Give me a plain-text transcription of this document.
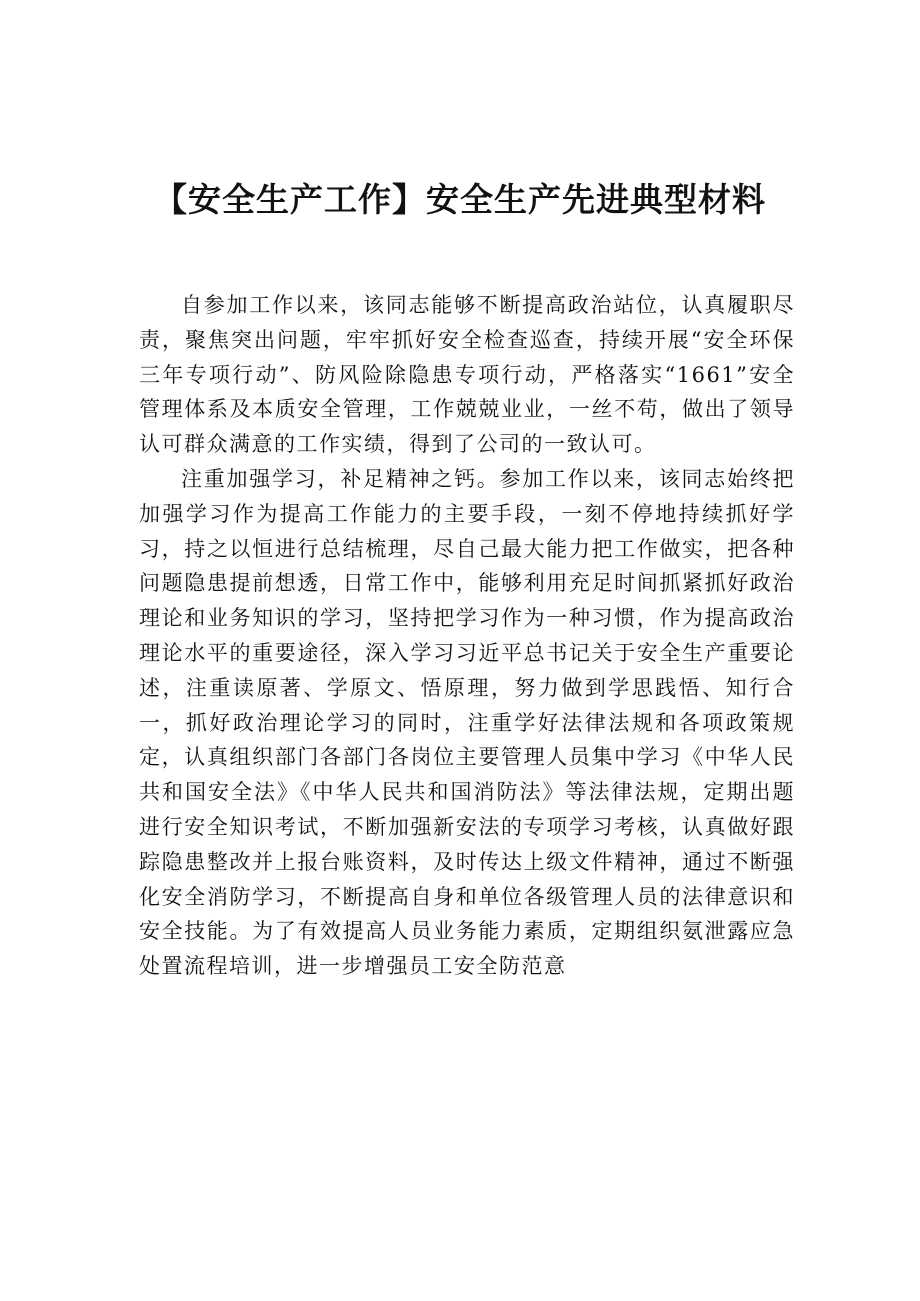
【安全生产工作】安全生产先进典型材料

自参加工作以来，该同志能够不断提高政治站位，认真履职尽责，聚焦突出问题，牢牢抓好安全检查巡查，持续开展“安全环保三年专项行动”、防风险除隐患专项行动，严格落实“1661”安全管理体系及本质安全管理，工作兢兢业业，一丝不苟，做出了领导认可群众满意的工作实绩，得到了公司的一致认可。

注重加强学习，补足精神之钙。参加工作以来，该同志始终把加强学习作为提高工作能力的主要手段，一刻不停地持续抓好学习，持之以恒进行总结梳理，尽自己最大能力把工作做实，把各种问题隐患提前想透，日常工作中，能够利用充足时间抓紧抓好政治理论和业务知识的学习，坚持把学习作为一种习惯，作为提高政治理论水平的重要途径，深入学习习近平总书记关于安全生产重要论述，注重读原著、学原文、悟原理，努力做到学思践悟、知行合一，抓好政治理论学习的同时，注重学好法律法规和各项政策规定，认真组织部门各部门各岗位主要管理人员集中学习《中华人民共和国安全法》《中华人民共和国消防法》等法律法规，定期出题进行安全知识考试，不断加强新安法的专项学习考核，认真做好跟踪隐患整改并上报台账资料，及时传达上级文件精神，通过不断强化安全消防学习，不断提高自身和单位各级管理人员的法律意识和安全技能。为了有效提高人员业务能力素质，定期组织氨泄露应急处置流程培训，进一步增强员工安全防范意
